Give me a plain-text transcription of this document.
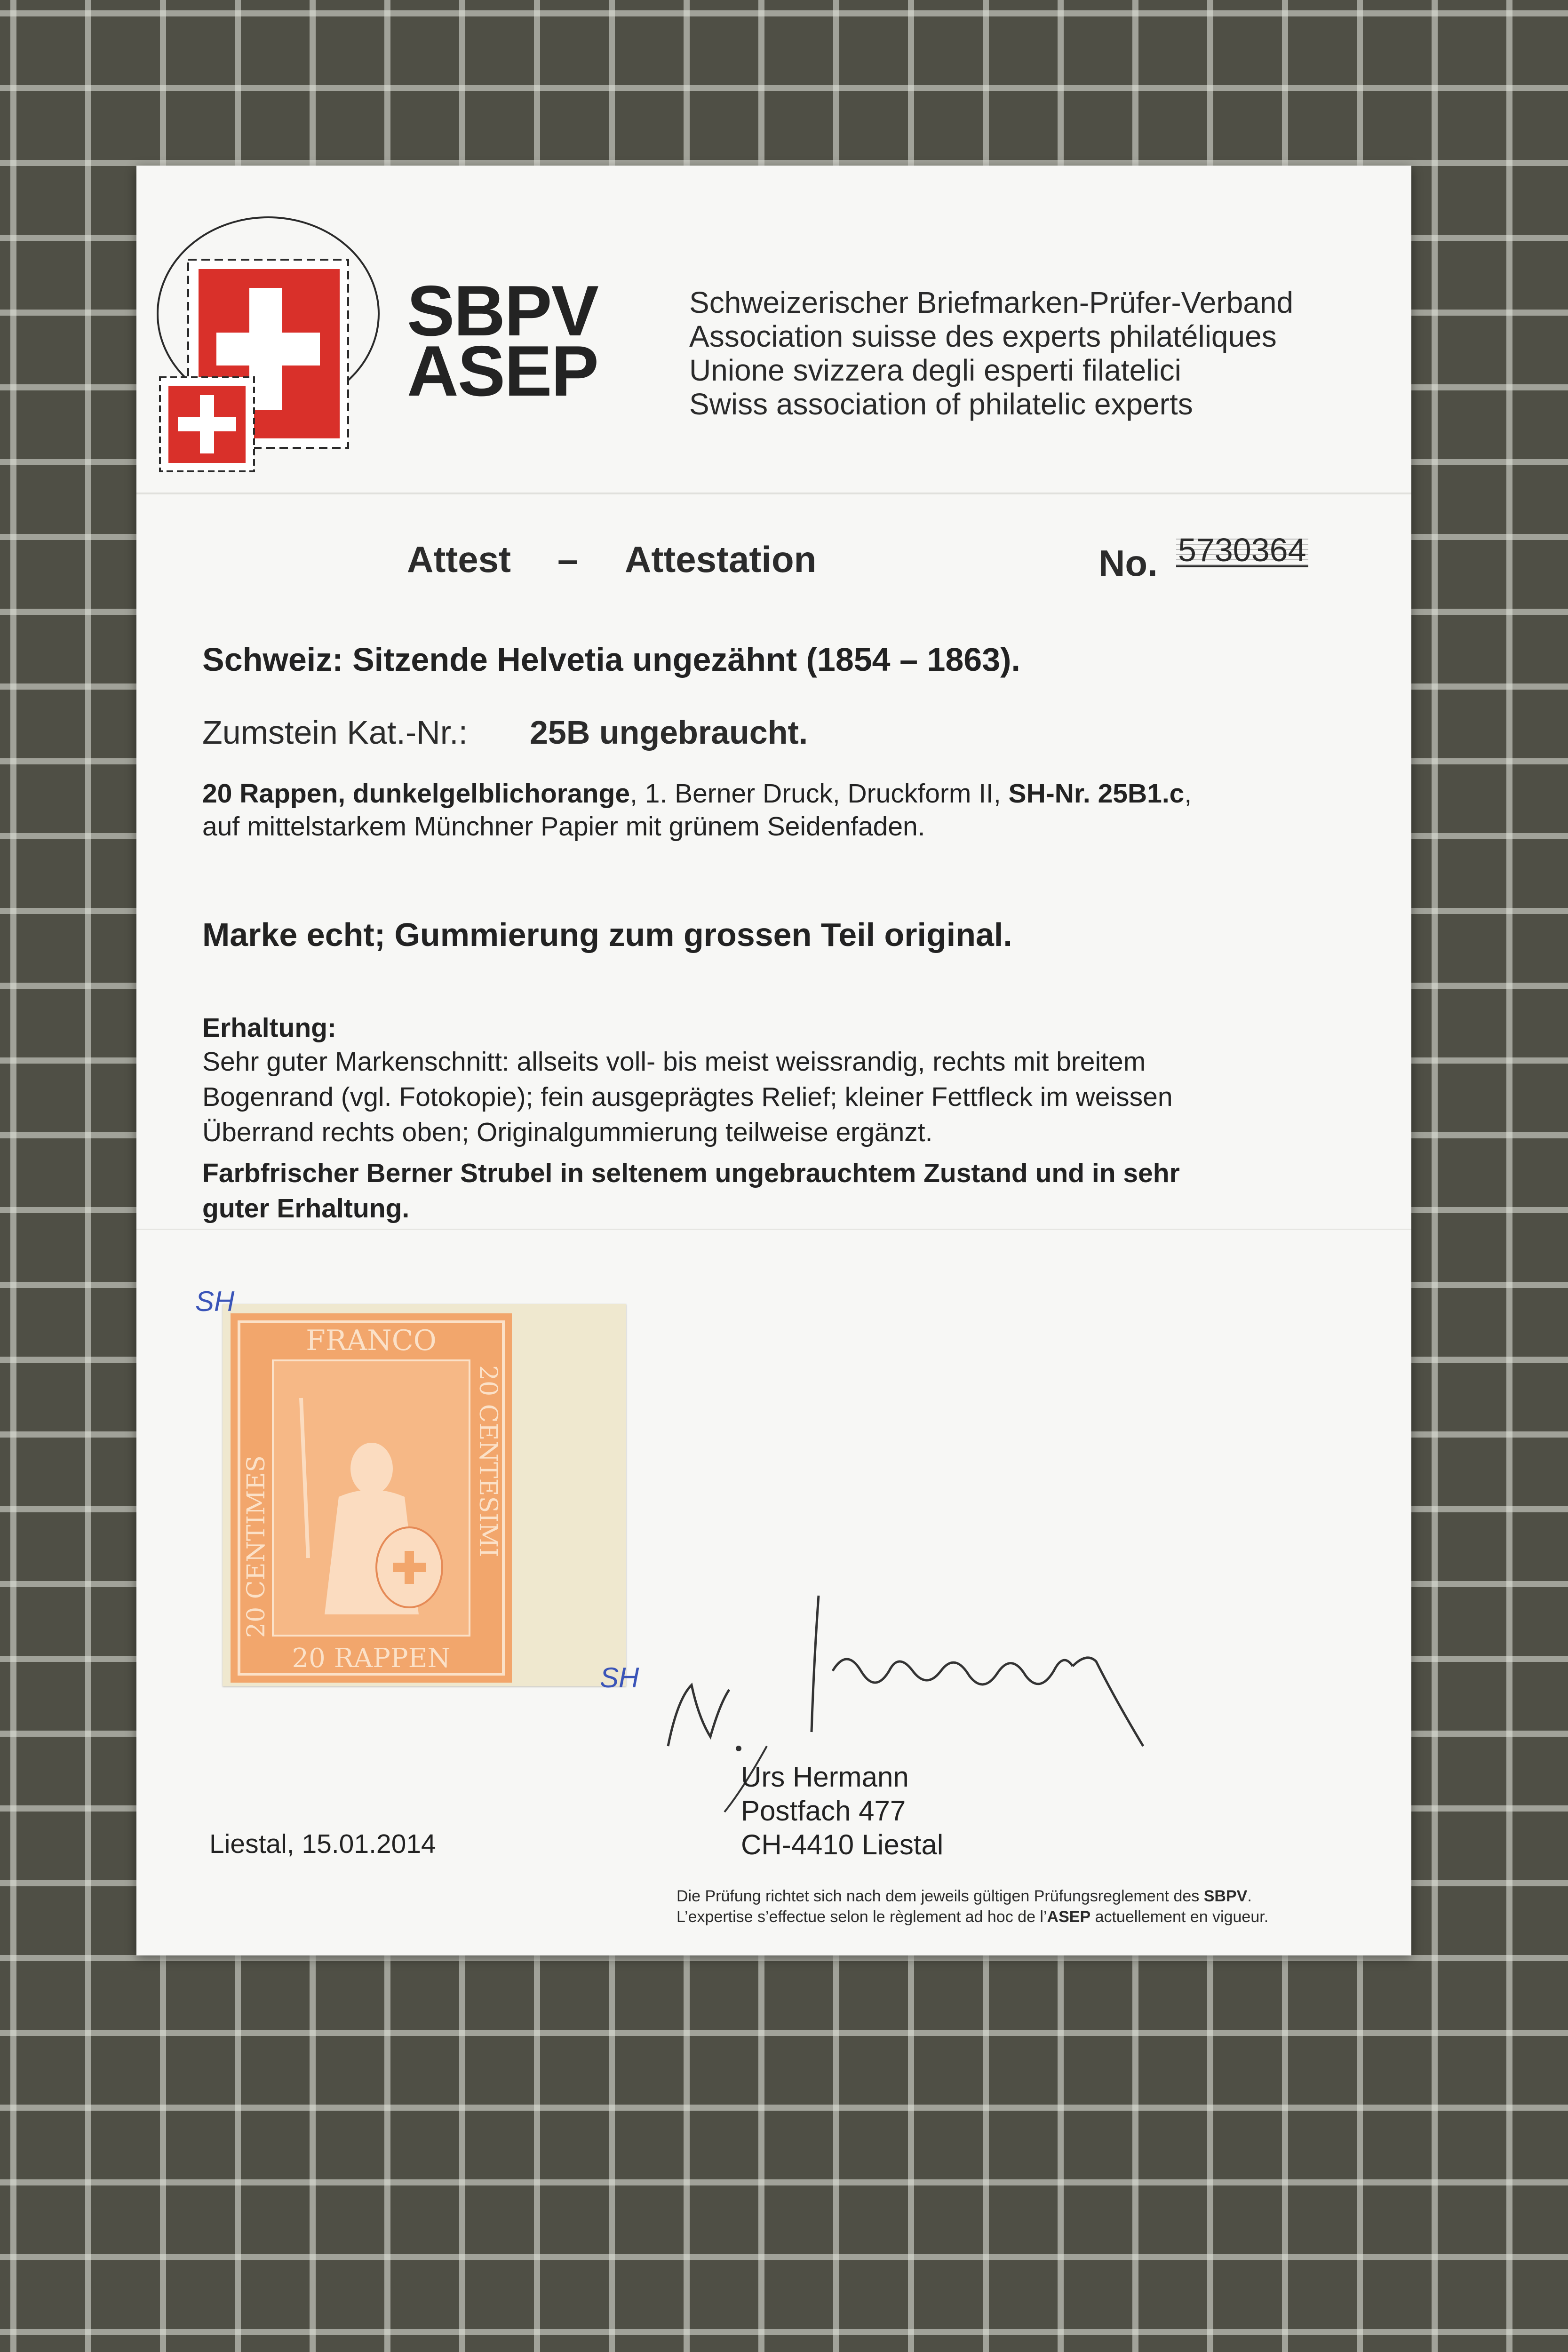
SBPV
ASEP
Schweizerischer Briefmarken-Prüfer-Verband
Association suisse des experts philatéliques
Unione svizzera degli esperti filatelici
Swiss association of philatelic experts
Attest – Attestation	No. 5730364
Schweiz: Sitzende Helvetia ungezähnt (1854 – 1863).
Zumstein Kat.-Nr.: 25B ungebraucht.
20 Rappen, dunkelgelblichorange, 1. Berner Druck, Druckform II, SH-Nr. 25B1.c,
auf mittelstarkem Münchner Papier mit grünem Seidenfaden.
Marke echt; Gummierung zum grossen Teil original.
Erhaltung:
Sehr guter Markenschnitt: allseits voll- bis meist weissrandig, rechts mit breitem
Bogenrand (vgl. Fotokopie); fein ausgeprägtes Relief; kleiner Fettfleck im weissen
Überrand rechts oben; Originalgummierung teilweise ergänzt.
Farbfrischer Berner Strubel in seltenem ungebrauchtem Zustand und in sehr
guter Erhaltung.
FRANCO
20 RAPPEN
20 CENTIMES	20 CENTESIMI
SH
SH
Urs Hermann
Postfach 477
CH-4410 Liestal
Liestal, 15.01.2014
Die Prüfung richtet sich nach dem jeweils gültigen Prüfungsreglement des SBPV.
L’expertise s’effectue selon le règlement ad hoc de l’ASEP actuellement en vigueur.
